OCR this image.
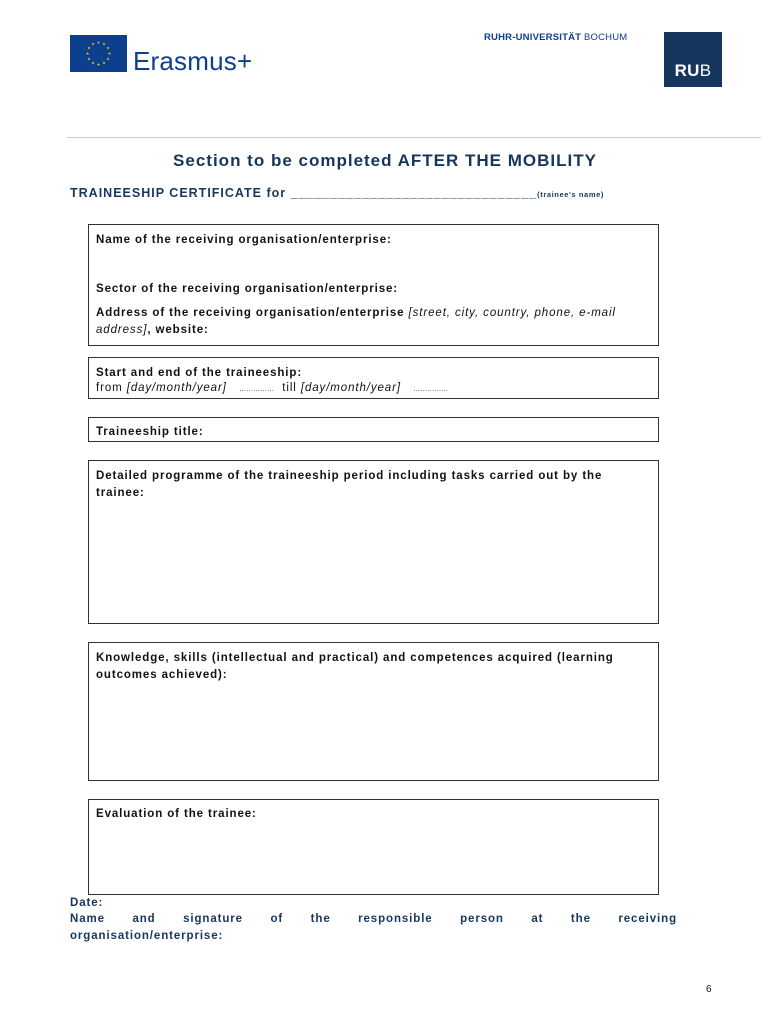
Erasmus+
RUHR-UNIVERSITÄT BOCHUM
RUB
Section to be completed AFTER THE MOBILITY
TRAINEESHIP CERTIFICATE for _______________________________(trainee's name)
Name of the receiving organisation/enterprise:
Sector of the receiving organisation/enterprise:
Address of the receiving organisation/enterprise [street, city, country, phone, e-mail address], website:
Start and end of the traineeship:
from [day/month/year] …………… till [day/month/year] ……………
Traineeship title:
Detailed programme of the traineeship period including tasks carried out by the trainee:
Knowledge, skills (intellectual and practical) and competences acquired (learning outcomes achieved):
Evaluation of the trainee:
Date:
Name and signature of the responsible person at the receiving
organisation/enterprise:
6
